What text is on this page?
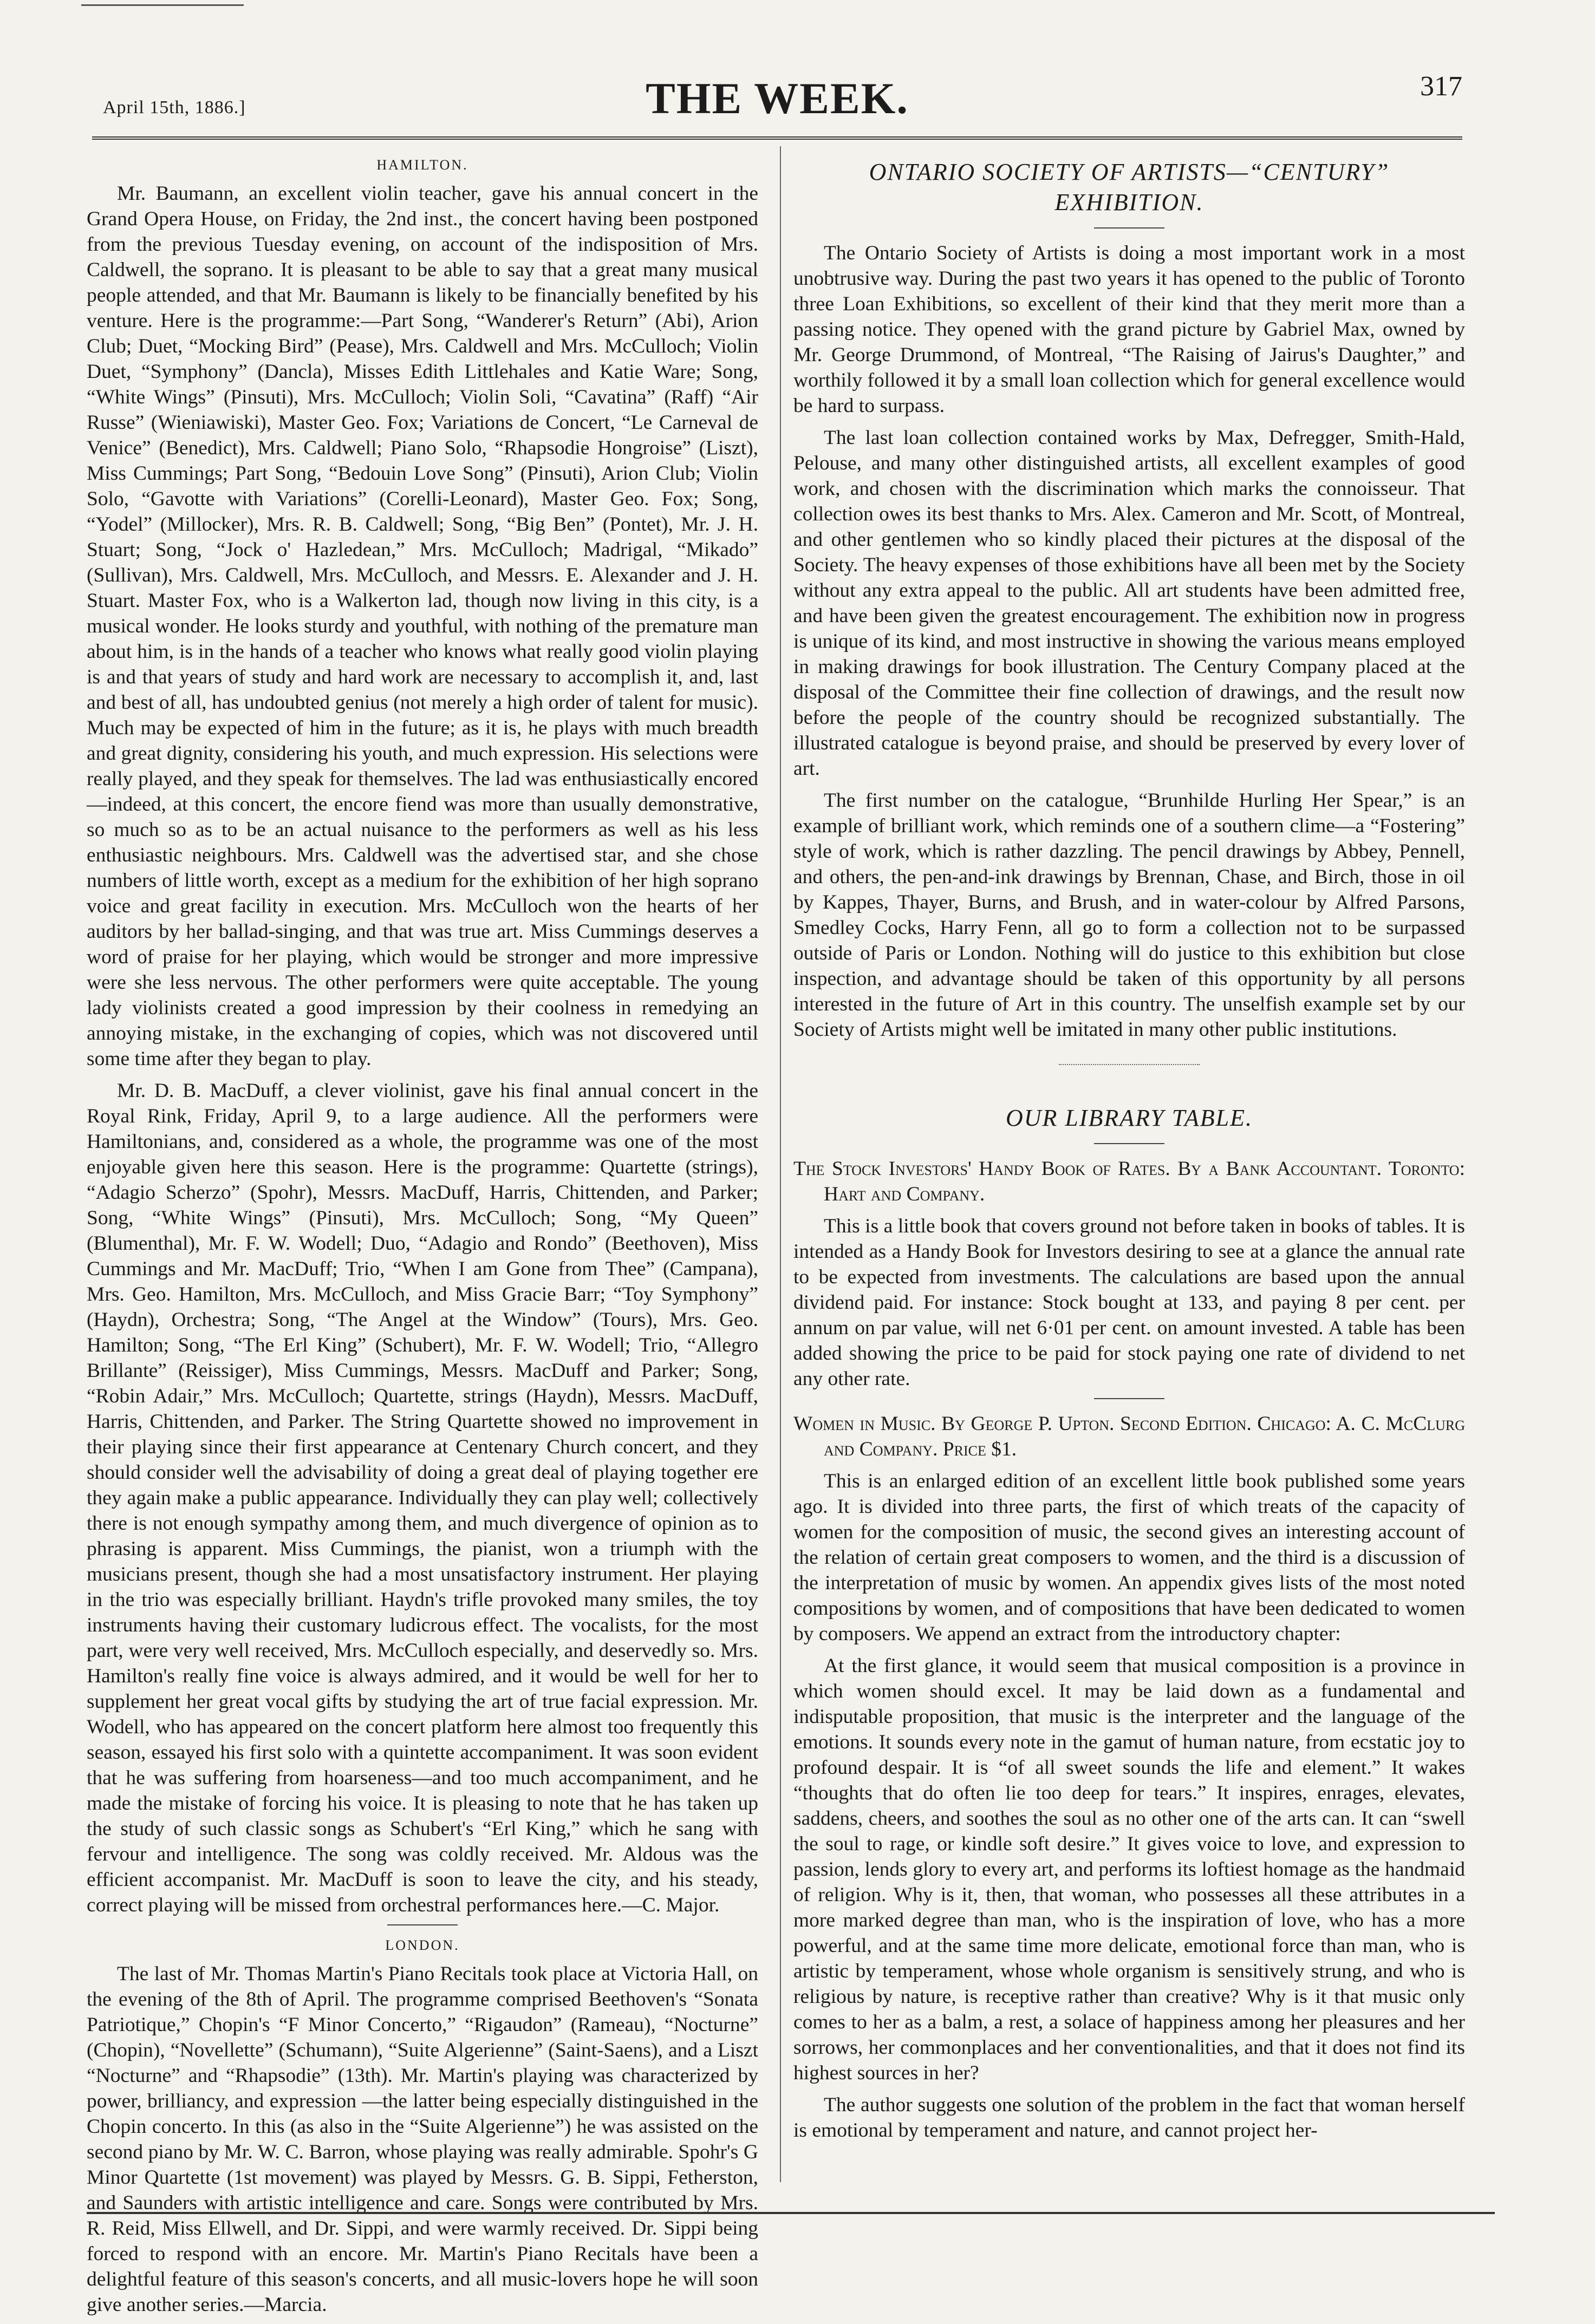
April 15th, 1886.]	THE WEEK.	317
HAMILTON.

Mr. Baumann, an excellent violin teacher, gave his annual concert in the Grand Opera House, on Friday, the 2nd inst., the concert having been postponed from the previous Tuesday evening, on account of the indisposition of Mrs. Caldwell, the soprano. It is pleasant to be able to say that a great many musical people attended, and that Mr. Baumann is likely to be financially benefited by his venture. Here is the programme:—Part Song, “Wanderer's Return” (Abi), Arion Club; Duet, “Mocking Bird” (Pease), Mrs. Caldwell and Mrs. McCulloch; Violin Duet, “Symphony” (Dancla), Misses Edith Littlehales and Katie Ware; Song, “White Wings” (Pinsuti), Mrs. McCulloch; Violin Soli, “Cavatina” (Raff) “Air Russe” (Wieniawiski), Master Geo. Fox; Variations de Concert, “Le Carneval de Venice” (Benedict), Mrs. Caldwell; Piano Solo, “Rhapsodie Hongroise” (Liszt), Miss Cummings; Part Song, “Bedouin Love Song” (Pinsuti), Arion Club; Violin Solo, “Gavotte with Variations” (Corelli-Leonard), Master Geo. Fox; Song, “Yodel” (Millocker), Mrs. R. B. Caldwell; Song, “Big Ben” (Pontet), Mr. J. H. Stuart; Song, “Jock o' Hazledean,” Mrs. McCulloch; Madrigal, “Mikado” (Sullivan), Mrs. Caldwell, Mrs. McCulloch, and Messrs. E. Alexander and J. H. Stuart. Master Fox, who is a Walkerton lad, though now living in this city, is a musical wonder. He looks sturdy and youthful, with nothing of the premature man about him, is in the hands of a teacher who knows what really good violin playing is and that years of study and hard work are necessary to accomplish it, and, last and best of all, has undoubted genius (not merely a high order of talent for music). Much may be expected of him in the future; as it is, he plays with much breadth and great dignity, considering his youth, and much expression. His selections were really played, and they speak for themselves. The lad was enthusiastically encored—indeed, at this concert, the encore fiend was more than usually demonstrative, so much so as to be an actual nuisance to the performers as well as his less enthusiastic neighbours. Mrs. Caldwell was the advertised star, and she chose numbers of little worth, except as a medium for the exhibition of her high soprano voice and great facility in execution. Mrs. McCulloch won the hearts of her auditors by her ballad-singing, and that was true art. Miss Cummings deserves a word of praise for her playing, which would be stronger and more impressive were she less nervous. The other performers were quite acceptable. The young lady violinists created a good impression by their coolness in remedying an annoying mistake, in the exchanging of copies, which was not discovered until some time after they began to play.

Mr. D. B. MacDuff, a clever violinist, gave his final annual concert in the Royal Rink, Friday, April 9, to a large audience. All the performers were Hamiltonians, and, considered as a whole, the programme was one of the most enjoyable given here this season. Here is the programme: Quartette (strings), “Adagio Scherzo” (Spohr), Messrs. MacDuff, Harris, Chittenden, and Parker; Song, “White Wings” (Pinsuti), Mrs. McCulloch; Song, “My Queen” (Blumenthal), Mr. F. W. Wodell; Duo, “Adagio and Rondo” (Beethoven), Miss Cummings and Mr. MacDuff; Trio, “When I am Gone from Thee” (Campana), Mrs. Geo. Hamilton, Mrs. McCulloch, and Miss Gracie Barr; “Toy Symphony” (Haydn), Orchestra; Song, “The Angel at the Window” (Tours), Mrs. Geo. Hamilton; Song, “The Erl King” (Schubert), Mr. F. W. Wodell; Trio, “Allegro Brillante” (Reissiger), Miss Cummings, Messrs. MacDuff and Parker; Song, “Robin Adair,” Mrs. McCulloch; Quartette, strings (Haydn), Messrs. MacDuff, Harris, Chittenden, and Parker. The String Quartette showed no improvement in their playing since their first appearance at Centenary Church concert, and they should consider well the advisability of doing a great deal of playing together ere they again make a public appearance. Individually they can play well; collectively there is not enough sympathy among them, and much divergence of opinion as to phrasing is apparent. Miss Cummings, the pianist, won a triumph with the musicians present, though she had a most unsatisfactory instrument. Her playing in the trio was especially brilliant. Haydn's trifle provoked many smiles, the toy instruments having their customary ludicrous effect. The vocalists, for the most part, were very well received, Mrs. McCulloch especially, and deservedly so. Mrs. Hamilton's really fine voice is always admired, and it would be well for her to supplement her great vocal gifts by studying the art of true facial expression. Mr. Wodell, who has appeared on the concert platform here almost too frequently this season, essayed his first solo with a quintette accompaniment. It was soon evident that he was suffering from hoarseness—and too much accompaniment, and he made the mistake of forcing his voice. It is pleasing to note that he has taken up the study of such classic songs as Schubert's “Erl King,” which he sang with fervour and intelligence. The song was coldly received. Mr. Aldous was the efficient accompanist. Mr. MacDuff is soon to leave the city, and his steady, correct playing will be missed from orchestral performances here.—C. Major.

LONDON.

The last of Mr. Thomas Martin's Piano Recitals took place at Victoria Hall, on the evening of the 8th of April. The programme comprised Beethoven's “Sonata Patriotique,” Chopin's “F Minor Concerto,” “Rigaudon” (Rameau), “Nocturne” (Chopin), “Novellette” (Schumann), “Suite Algerienne” (Saint-Saens), and a Liszt “Nocturne” and “Rhapsodie” (13th). Mr. Martin's playing was characterized by power, brilliancy, and expression —the latter being especially distinguished in the Chopin concerto. In this (as also in the “Suite Algerienne”) he was assisted on the second piano by Mr. W. C. Barron, whose playing was really admirable. Spohr's G Minor Quartette (1st movement) was played by Messrs. G. B. Sippi, Fetherston, and Saunders with artistic intelligence and care. Songs were contributed by Mrs. R. Reid, Miss Ellwell, and Dr. Sippi, and were warmly received. Dr. Sippi being forced to respond with an encore. Mr. Martin's Piano Recitals have been a delightful feature of this season's concerts, and all music-lovers hope he will soon give another series.—Marcia.

ONTARIO SOCIETY OF ARTISTS—“CENTURY” EXHIBITION.

The Ontario Society of Artists is doing a most important work in a most unobtrusive way. During the past two years it has opened to the public of Toronto three Loan Exhibitions, so excellent of their kind that they merit more than a passing notice. They opened with the grand picture by Gabriel Max, owned by Mr. George Drummond, of Montreal, “The Raising of Jairus's Daughter,” and worthily followed it by a small loan collection which for general excellence would be hard to surpass.

The last loan collection contained works by Max, Defregger, Smith-Hald, Pelouse, and many other distinguished artists, all excellent examples of good work, and chosen with the discrimination which marks the connoisseur. That collection owes its best thanks to Mrs. Alex. Cameron and Mr. Scott, of Montreal, and other gentlemen who so kindly placed their pictures at the disposal of the Society. The heavy expenses of those exhibitions have all been met by the Society without any extra appeal to the public. All art students have been admitted free, and have been given the greatest encouragement. The exhibition now in progress is unique of its kind, and most instructive in showing the various means employed in making drawings for book illustration. The Century Company placed at the disposal of the Committee their fine collection of drawings, and the result now before the people of the country should be recognized substantially. The illustrated catalogue is beyond praise, and should be preserved by every lover of art.

The first number on the catalogue, “Brunhilde Hurling Her Spear,” is an example of brilliant work, which reminds one of a southern clime—a “Fostering” style of work, which is rather dazzling. The pencil drawings by Abbey, Pennell, and others, the pen-and-ink drawings by Brennan, Chase, and Birch, those in oil by Kappes, Thayer, Burns, and Brush, and in water-colour by Alfred Parsons, Smedley Cocks, Harry Fenn, all go to form a collection not to be surpassed outside of Paris or London. Nothing will do justice to this exhibition but close inspection, and advantage should be taken of this opportunity by all persons interested in the future of Art in this country. The unselfish example set by our Society of Artists might well be imitated in many other public institutions.

OUR LIBRARY TABLE.
The Stock Investors' Handy Book of Rates. By a Bank Accountant. Toronto: Hart and Company.

This is a little book that covers ground not before taken in books of tables. It is intended as a Handy Book for Investors desiring to see at a glance the annual rate to be expected from investments. The calculations are based upon the annual dividend paid. For instance: Stock bought at 133, and paying 8 per cent. per annum on par value, will net 6·01 per cent. on amount invested. A table has been added showing the price to be paid for stock paying one rate of dividend to net any other rate.

Women in Music. By George P. Upton. Second Edition. Chicago: A. C. McClurg and Company. Price $1.

This is an enlarged edition of an excellent little book published some years ago. It is divided into three parts, the first of which treats of the capacity of women for the composition of music, the second gives an interesting account of the relation of certain great composers to women, and the third is a discussion of the interpretation of music by women. An appendix gives lists of the most noted compositions by women, and of compositions that have been dedicated to women by composers. We append an extract from the introductory chapter:

At the first glance, it would seem that musical composition is a province in which women should excel. It may be laid down as a fundamental and indisputable proposition, that music is the interpreter and the language of the emotions. It sounds every note in the gamut of human nature, from ecstatic joy to profound despair. It is “of all sweet sounds the life and element.” It wakes “thoughts that do often lie too deep for tears.” It inspires, enrages, elevates, saddens, cheers, and soothes the soul as no other one of the arts can. It can “swell the soul to rage, or kindle soft desire.” It gives voice to love, and expression to passion, lends glory to every art, and performs its loftiest homage as the handmaid of religion. Why is it, then, that woman, who possesses all these attributes in a more marked degree than man, who is the inspiration of love, who has a more powerful, and at the same time more delicate, emotional force than man, who is artistic by temperament, whose whole organism is sensitively strung, and who is religious by nature, is receptive rather than creative? Why is it that music only comes to her as a balm, a rest, a solace of happiness among her pleasures and her sorrows, her commonplaces and her conventionalities, and that it does not find its highest sources in her?

The author suggests one solution of the problem in the fact that woman herself is emotional by temperament and nature, and cannot project her-
